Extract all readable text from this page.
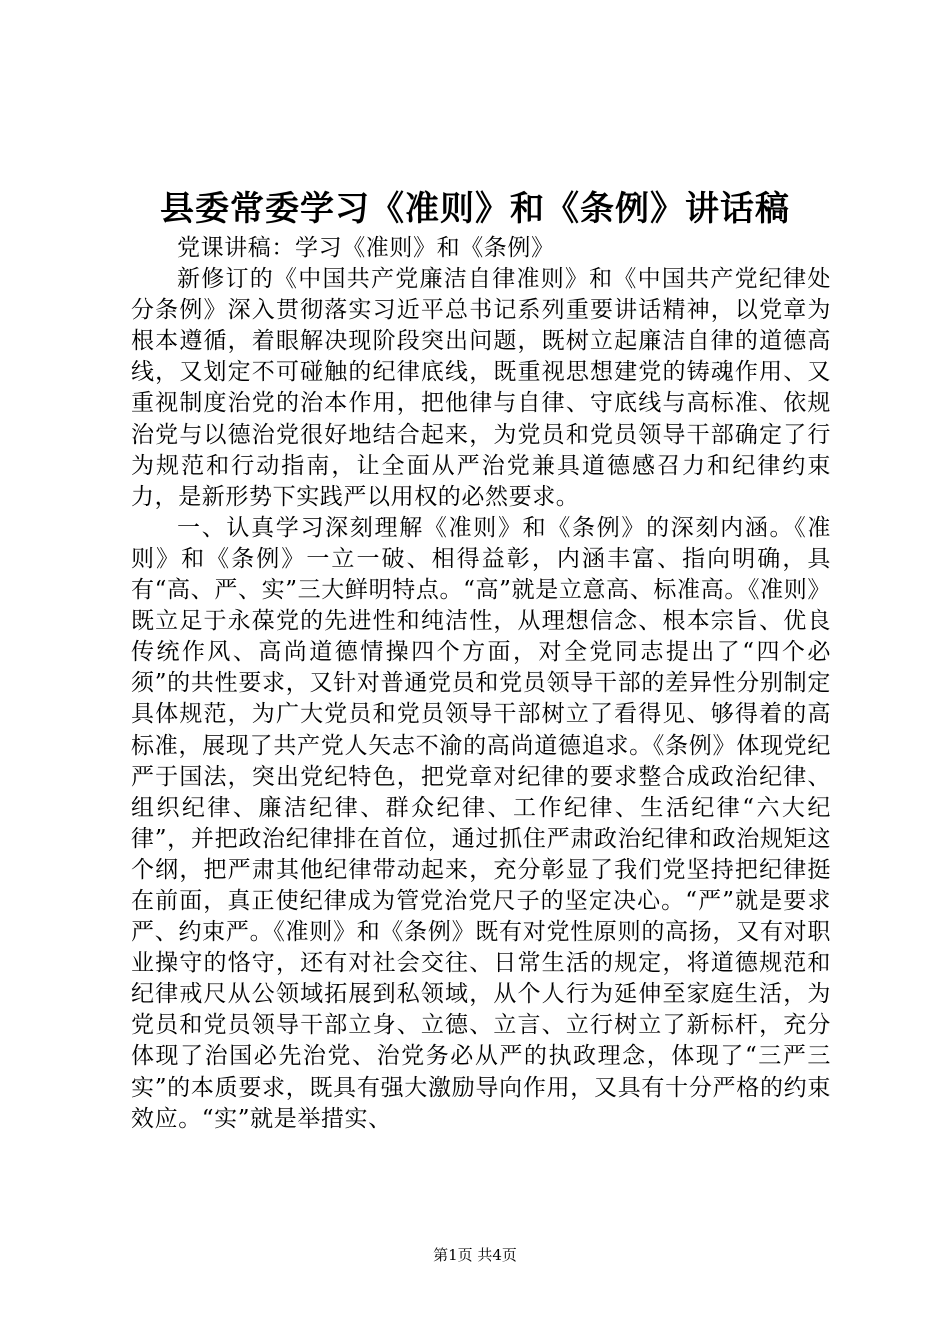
县委常委学习《准则》和《条例》讲话稿

党课讲稿：学习《准则》和《条例》

新修订的《中国共产党廉洁自律准则》和《中国共产党纪律处分条例》深入贯彻落实习近平总书记系列重要讲话精神，以党章为根本遵循，着眼解决现阶段突出问题，既树立起廉洁自律的道德高线，又划定不可碰触的纪律底线，既重视思想建党的铸魂作用、又重视制度治党的治本作用，把他律与自律、守底线与高标准、依规治党与以德治党很好地结合起来，为党员和党员领导干部确定了行为规范和行动指南，让全面从严治党兼具道德感召力和纪律约束力，是新形势下实践严以用权的必然要求。

一、认真学习深刻理解《准则》和《条例》的深刻内涵。《准则》和《条例》一立一破、相得益彰，内涵丰富、指向明确，具有“高、严、实”三大鲜明特点。“高”就是立意高、标准高。《准则》既立足于永葆党的先进性和纯洁性，从理想信念、根本宗旨、优良传统作风、高尚道德情操四个方面，对全党同志提出了“四个必须”的共性要求，又针对普通党员和党员领导干部的差异性分别制定具体规范，为广大党员和党员领导干部树立了看得见、够得着的高标准，展现了共产党人矢志不渝的高尚道德追求。《条例》体现党纪严于国法，突出党纪特色，把党章对纪律的要求整合成政治纪律、组织纪律、廉洁纪律、群众纪律、工作纪律、生活纪律“六大纪律”，并把政治纪律排在首位，通过抓住严肃政治纪律和政治规矩这个纲，把严肃其他纪律带动起来，充分彰显了我们党坚持把纪律挺在前面，真正使纪律成为管党治党尺子的坚定决心。“严”就是要求严、约束严。《准则》和《条例》既有对党性原则的高扬，又有对职业操守的恪守，还有对社会交往、日常生活的规定，将道德规范和纪律戒尺从公领域拓展到私领域，从个人行为延伸至家庭生活，为党员和党员领导干部立身、立德、立言、立行树立了新标杆，充分体现了治国必先治党、治党务必从严的执政理念，体现了“三严三实”的本质要求，既具有强大激励导向作用，又具有十分严格的约束效应。“实”就是举措实、

第1页 共4页
